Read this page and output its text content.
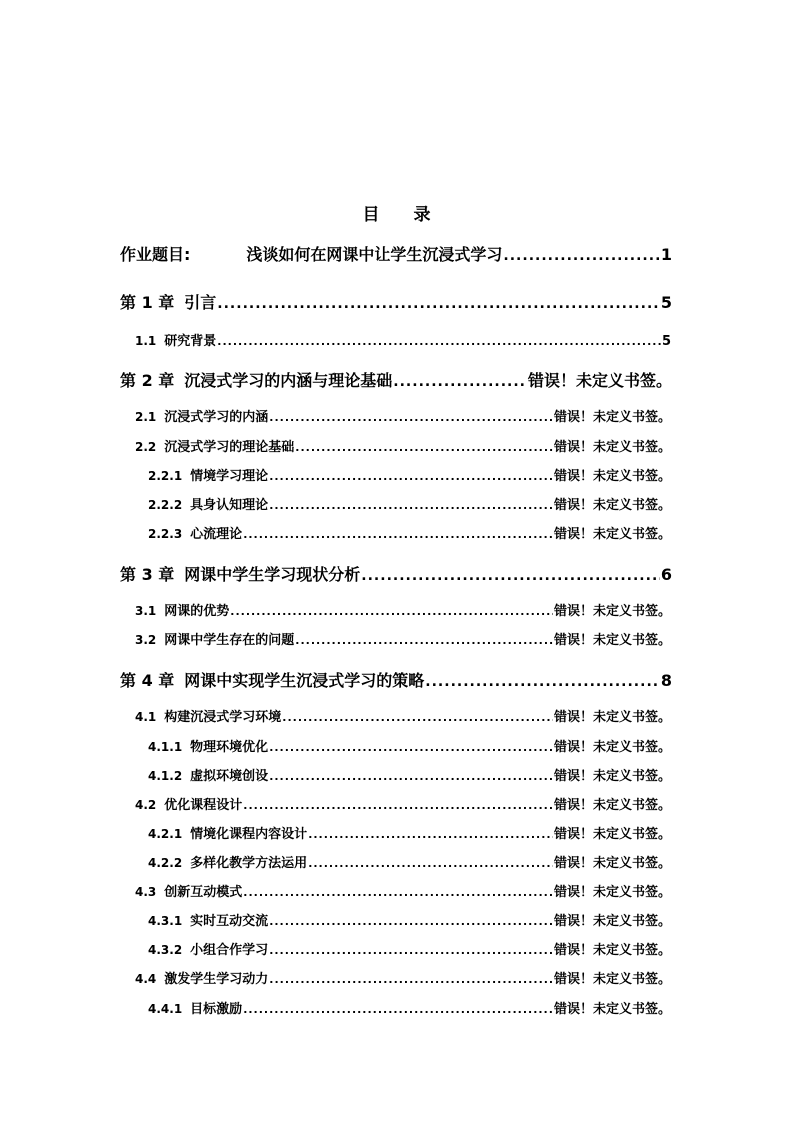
目 录
作业题目:	浅谈如何在网课中让学生沉浸式学习 .....	1
第 1 章 引言 .....	5
1.1 研究背景 .....	5
第 2 章 沉浸式学习的内涵与理论基础 .....	错误！未定义书签。
2.1 沉浸式学习的内涵 .....	错误！未定义书签。
2.2 沉浸式学习的理论基础 .....	错误！未定义书签。
2.2.1 情境学习理论 .....	错误！未定义书签。
2.2.2 具身认知理论 .....	错误！未定义书签。
2.2.3 心流理论 .....	错误！未定义书签。
第 3 章 网课中学生学习现状分析 .....	6
3.1 网课的优势 .....	错误！未定义书签。
3.2 网课中学生存在的问题 .....	错误！未定义书签。
第 4 章 网课中实现学生沉浸式学习的策略 .....	8
4.1 构建沉浸式学习环境 .....	错误！未定义书签。
4.1.1 物理环境优化 .....	错误！未定义书签。
4.1.2 虚拟环境创设 .....	错误！未定义书签。
4.2 优化课程设计 .....	错误！未定义书签。
4.2.1 情境化课程内容设计 .....	错误！未定义书签。
4.2.2 多样化教学方法运用 .....	错误！未定义书签。
4.3 创新互动模式 .....	错误！未定义书签。
4.3.1 实时互动交流 .....	错误！未定义书签。
4.3.2 小组合作学习 .....	错误！未定义书签。
4.4 激发学生学习动力 .....	错误！未定义书签。
4.4.1 目标激励 .....	错误！未定义书签。
